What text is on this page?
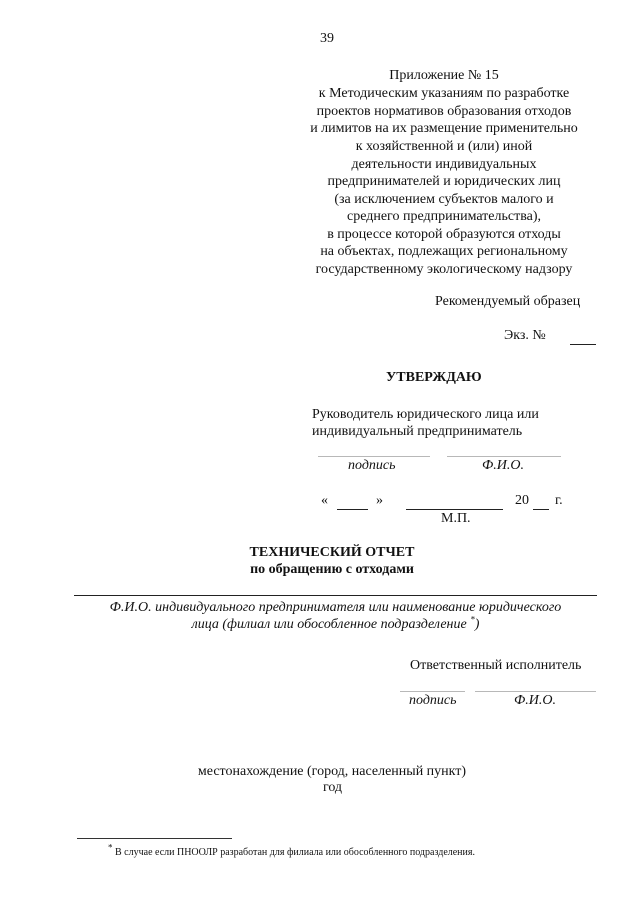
39
Приложение № 15
к Методическим указаниям по разработке
проектов нормативов образования отходов
и лимитов на их размещение применительно
к хозяйственной и (или) иной
деятельности индивидуальных
предпринимателей и юридических лиц
(за исключением субъектов малого и
среднего предпринимательства),
в процессе которой образуются отходы
на объектах, подлежащих региональному
государственному экологическому надзору
Рекомендуемый образец
Экз. №
УТВЕРЖДАЮ
Руководитель юридического лица или
индивидуальный предприниматель
подпись	Ф.И.О.
«	»	20 г.
М.П.
ТЕХНИЧЕСКИЙ ОТЧЕТ
по обращению с отходами
Ф.И.О. индивидуального предпринимателя или наименование юридического
лица (филиал или обособленное подразделение *)
Ответственный исполнитель
подпись	Ф.И.О.
местонахождение (город, населенный пункт)
год
* В случае если ПНООЛР разработан для филиала или обособленного подразделения.
